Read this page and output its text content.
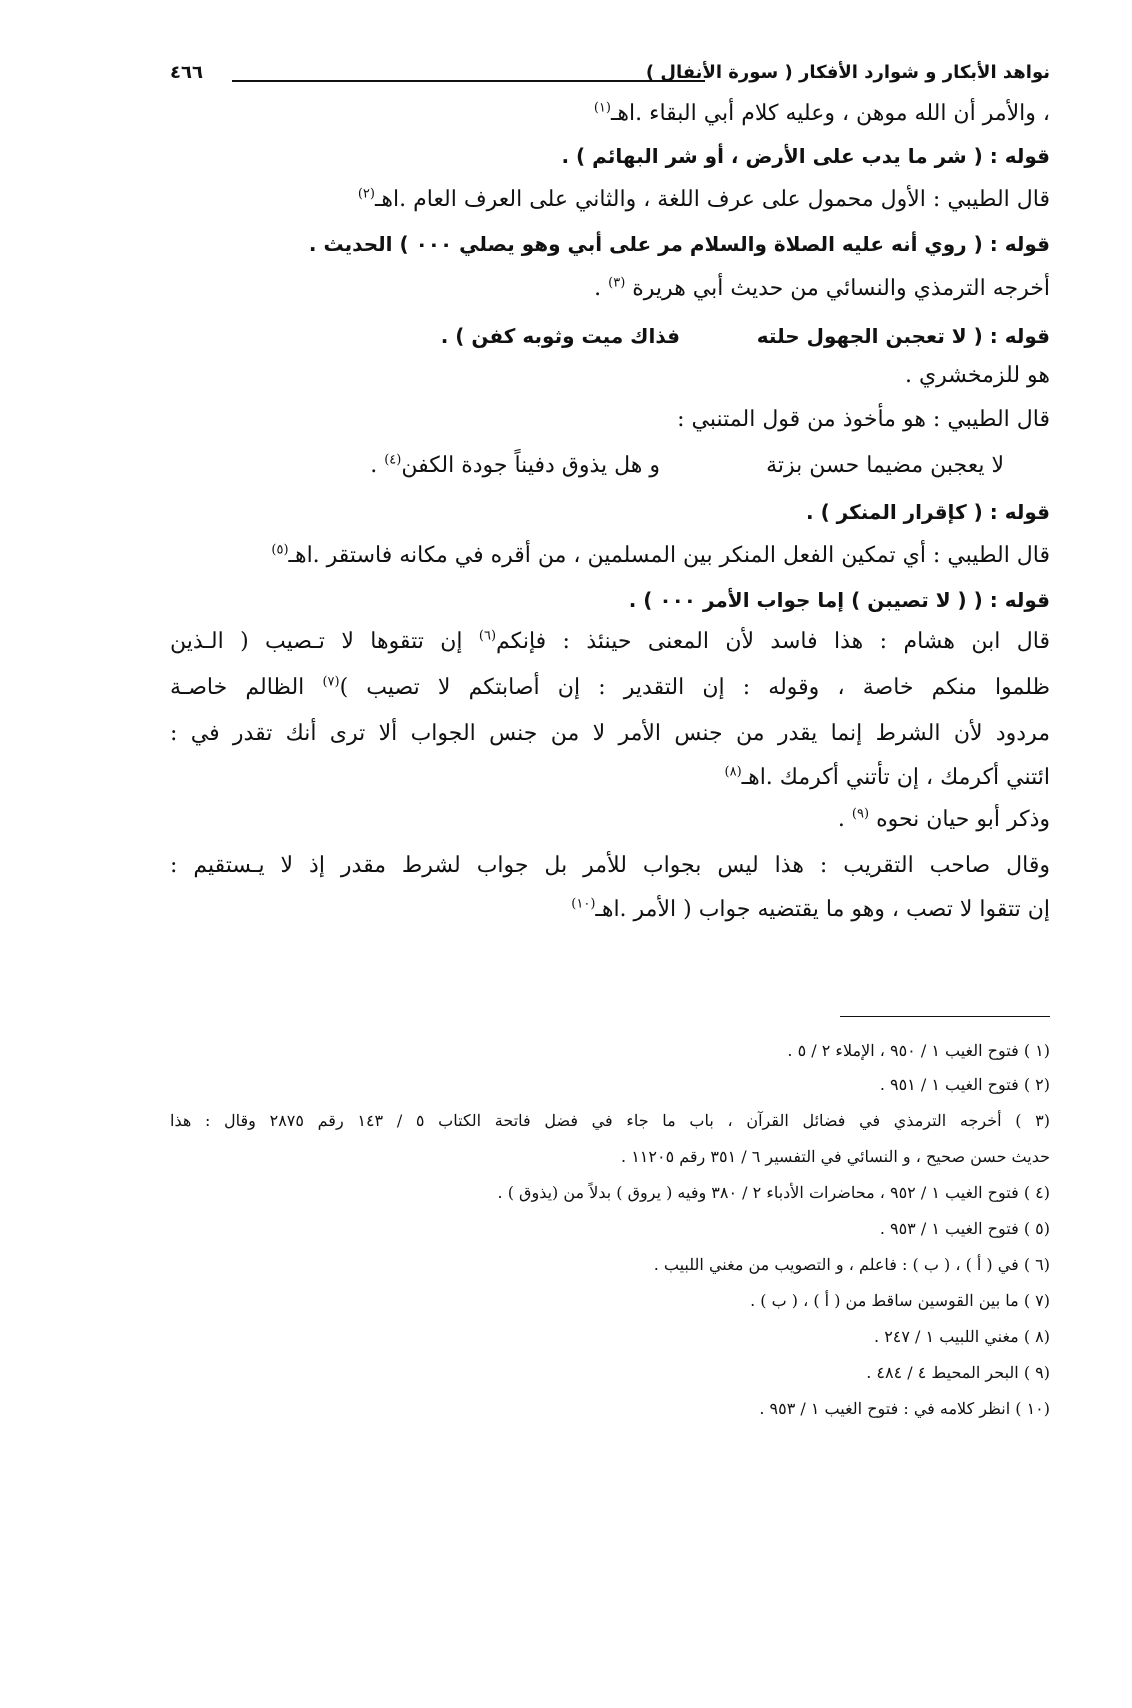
نواهد الأبكار و شوارد الأفكار ( سورة الأنفال )
٤٦٦
، والأمر أن الله موهن ، وعليه كلام أبي البقاء .اهـ$^{(١)}$
قوله : ( شر ما يدب على الأرض ، أو شر البهائم ) .
قال الطيبي : الأول محمول على عرف اللغة ، والثاني على العرف العام .اهـ$^{(٢)}$
قوله : ( روي أنه عليه الصلاة والسلام مر على أبي وهو يصلي ٠٠٠ ) الحديث .
أخرجه الترمذي والنسائي من حديث أبي هريرة $^{(٣)}$ .
قوله : ( لا تعجبن الجهول حلته
فذاك ميت وثوبه كفن ) .
هو للزمخشري .
قال الطيبي : هو مأخوذ من قول المتنبي :
لا يعجبن مضيما حسن بزتة
و هل يذوق دفيناً جودة الكفن$^{(٤)}$ .
قوله : ( كإقرار المنكر ) .
قال الطيبي : أي تمكين الفعل المنكر بين المسلمين ، من أقره في مكانه فاستقر .اهـ$^{(٥)}$
قوله : ( ( لا تصيبن ) إما جواب الأمر ٠٠٠ ) .
قال ابن هشام : هذا فاسد لأن المعنى حينئذ : فإنكم$^{(٦)}$ إن تتقوها لا تـصيب ( الـذين
ظلموا منكم خاصة ، وقوله : إن التقدير : إن أصابتكم لا تصيب )$^{(٧)}$ الظالم خاصـة
مردود لأن الشرط إنما يقدر من جنس الأمر لا من جنس الجواب ألا ترى أنك تقدر في :
ائتني أكرمك ، إن تأتني أكرمك .اهـ$^{(٨)}$
وذكر أبو حيان نحوه $^{(٩)}$ .
وقال صاحب التقريب : هذا ليس بجواب للأمر بل جواب لشرط مقدر إذ لا يـستقيم :
إن تتقوا لا تصب ، وهو ما يقتضيه جواب ( الأمر .اهـ$^{(١٠)}$
(١ ) فتوح الغيب ١ / ٩٥٠ ، الإملاء ٢ / ٥ .
(٢ ) فتوح الغيب ١ / ٩٥١ .
(٣ ) أخرجه الترمذي في فضائل القرآن ، باب ما جاء في فضل فاتحة الكتاب ٥ / ١٤٣ رقم ٢٨٧٥ وقال : هذا
حديث حسن صحيح ، و النسائي في التفسير ٦ / ٣٥١ رقم ١١٢٠٥ .
(٤ ) فتوح الغيب ١ / ٩٥٢ ، محاضرات الأدباء ٢ / ٣٨٠ وفيه ( يروق ) بدلاً من (يذوق ) .
(٥ ) فتوح الغيب ١ / ٩٥٣ .
(٦ ) في ( أ ) ، ( ب ) : فاعلم ، و التصويب من مغني اللبيب .
(٧ ) ما بين القوسين ساقط من ( أ ) ، ( ب ) .
(٨ ) مغني اللبيب ١ / ٢٤٧ .
(٩ ) البحر المحيط ٤ / ٤٨٤ .
(١٠ ) انظر كلامه في : فتوح الغيب ١ / ٩٥٣ .
